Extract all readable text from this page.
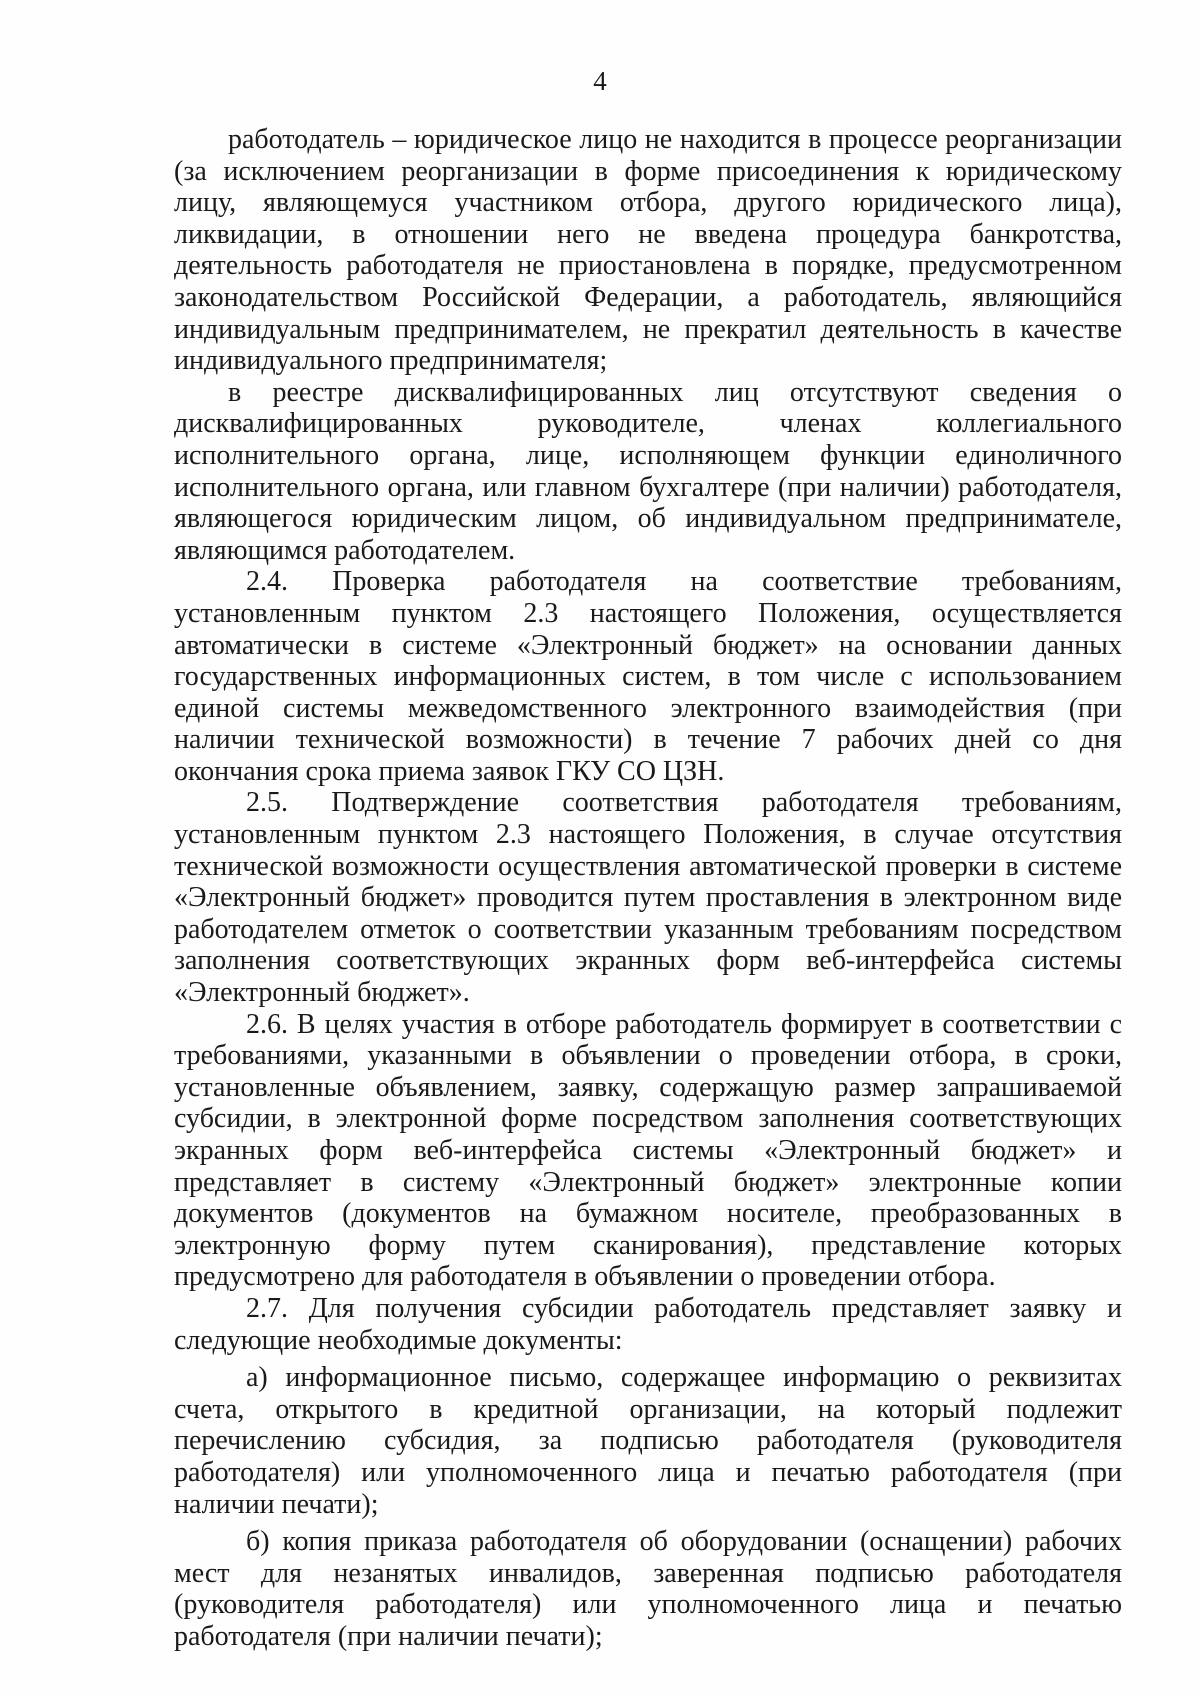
4

работодатель – юридическое лицо не находится в процессе реорганизации (за исключением реорганизации в форме присоединения к юридическому лицу, являющемуся участником отбора, другого юридического лица), ликвидации, в отношении него не введена процедура банкротства, деятельность работодателя не приостановлена в порядке, предусмотренном законодательством Российской Федерации, а работодатель, являющийся индивидуальным предпринимателем, не прекратил деятельность в качестве индивидуального предпринимателя;

в реестре дисквалифицированных лиц отсутствуют сведения о дисквалифицированных руководителе, членах коллегиального исполнительного органа, лице, исполняющем функции единоличного исполнительного органа, или главном бухгалтере (при наличии) работодателя, являющегося юридическим лицом, об индивидуальном предпринимателе, являющимся работодателем.

2.4. Проверка работодателя на соответствие требованиям, установленным пунктом 2.3 настоящего Положения, осуществляется автоматически в системе «Электронный бюджет» на основании данных государственных информационных систем, в том числе с использованием единой системы межведомственного электронного взаимодействия (при наличии технической возможности) в течение 7 рабочих дней со дня окончания срока приема заявок ГКУ СО ЦЗН.

2.5. Подтверждение соответствия работодателя требованиям, установленным пунктом 2.3 настоящего Положения, в случае отсутствия технической возможности осуществления автоматической проверки в системе «Электронный бюджет» проводится путем проставления в электронном виде работодателем отметок о соответствии указанным требованиям посредством заполнения соответствующих экранных форм веб-интерфейса системы «Электронный бюджет».

2.6. В целях участия в отборе работодатель формирует в соответствии с требованиями, указанными в объявлении о проведении отбора, в сроки, установленные объявлением, заявку, содержащую размер запрашиваемой субсидии, в электронной форме посредством заполнения соответствующих экранных форм веб-интерфейса системы «Электронный бюджет» и представляет в систему «Электронный бюджет» электронные копии документов (документов на бумажном носителе, преобразованных в электронную форму путем сканирования), представление которых предусмотрено для работодателя в объявлении о проведении отбора.

2.7. Для получения субсидии работодатель представляет заявку и следующие необходимые документы:

а) информационное письмо, содержащее информацию о реквизитах счета, открытого в кредитной организации, на который подлежит перечислению субсидия, за подписью работодателя (руководителя работодателя) или уполномоченного лица и печатью работодателя (при наличии печати);

б) копия приказа работодателя об оборудовании (оснащении) рабочих мест для незанятых инвалидов, заверенная подписью работодателя (руководителя работодателя) или уполномоченного лица и печатью работодателя (при наличии печати);
